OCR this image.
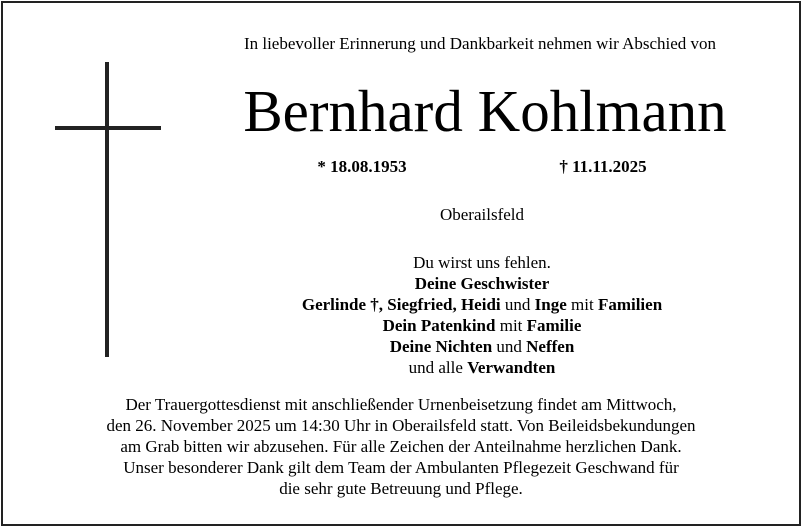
In liebevoller Erinnerung und Dankbarkeit nehmen wir Abschied von
Bernhard Kohlmann
* 18.08.1953	† 11.11.2025
Oberailsfeld
Du wirst uns fehlen.
Deine Geschwister
Gerlinde †, Siegfried, Heidi und Inge mit Familien
Dein Patenkind mit Familie
Deine Nichten und Neffen
und alle Verwandten
Der Trauergottesdienst mit anschließender Urnenbeisetzung findet am Mittwoch,
den 26. November 2025 um 14:30 Uhr in Oberailsfeld statt. Von Beileidsbekundungen
am Grab bitten wir abzusehen. Für alle Zeichen der Anteilnahme herzlichen Dank.
Unser besonderer Dank gilt dem Team der Ambulanten Pflegezeit Geschwand für
die sehr gute Betreuung und Pflege.
